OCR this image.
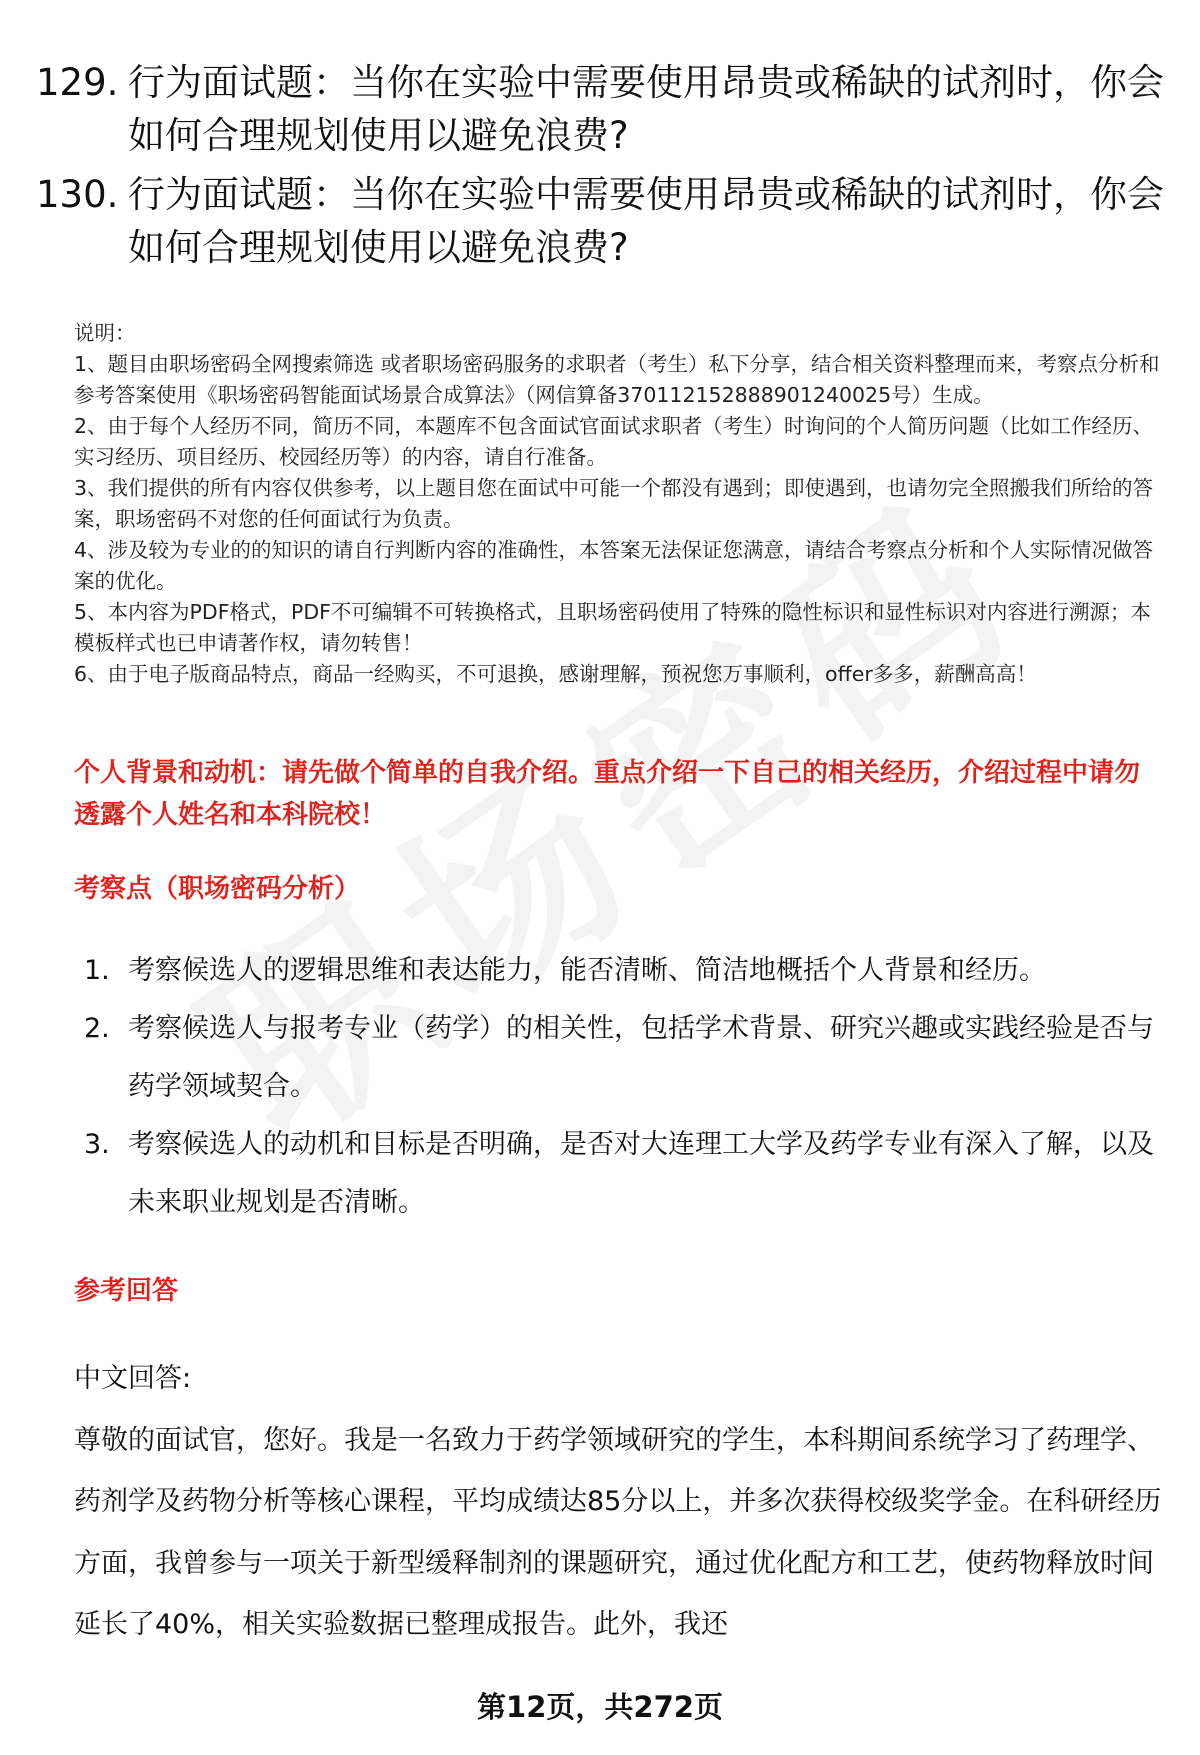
129. 行为面试题：当你在实验中需要使用昂贵或稀缺的试剂时，你会如何合理规划使用以避免浪费?
130. 行为面试题：当你在实验中需要使用昂贵或稀缺的试剂时，你会如何合理规划使用以避免浪费?
说明：
1、题目由职场密码全网搜索筛选 或者职场密码服务的求职者（考生）私下分享，结合相关资料整理而来，考察点分析和参考答案使用《职场密码智能面试场景合成算法》（网信算备370112152888901240025号）生成。
2、由于每个人经历不同，简历不同，本题库不包含面试官面试求职者（考生）时询问的个人简历问题（比如工作经历、实习经历、项目经历、校园经历等）的内容，请自行准备。
3、我们提供的所有内容仅供参考，以上题目您在面试中可能一个都没有遇到；即使遇到，也请勿完全照搬我们所给的答案，职场密码不对您的任何面试行为负责。
4、涉及较为专业的的知识的请自行判断内容的准确性，本答案无法保证您满意，请结合考察点分析和个人实际情况做答案的优化。
5、本内容为PDF格式，PDF不可编辑不可转换格式，且职场密码使用了特殊的隐性标识和显性标识对内容进行溯源；本模板样式也已申请著作权，请勿转售！
6、由于电子版商品特点，商品一经购买，不可退换，感谢理解，预祝您万事顺利，offer多多，薪酬高高！
个人背景和动机：请先做个简单的自我介绍。重点介绍一下自己的相关经历，介绍过程中请勿透露个人姓名和本科院校！
考察点（职场密码分析）
1. 考察候选人的逻辑思维和表达能力，能否清晰、简洁地概括个人背景和经历。
2. 考察候选人与报考专业（药学）的相关性，包括学术背景、研究兴趣或实践经验是否与药学领域契合。
3. 考察候选人的动机和目标是否明确，是否对大连理工大学及药学专业有深入了解，以及未来职业规划是否清晰。
参考回答
中文回答:
尊敬的面试官，您好。我是一名致力于药学领域研究的学生，本科期间系统学习了药理学、药剂学及药物分析等核心课程，平均成绩达85分以上，并多次获得校级奖学金。在科研经历方面，我曾参与一项关于新型缓释制剂的课题研究，通过优化配方和工艺，使药物释放时间延长了40%，相关实验数据已整理成报告。此外，我还
第12页，共272页
